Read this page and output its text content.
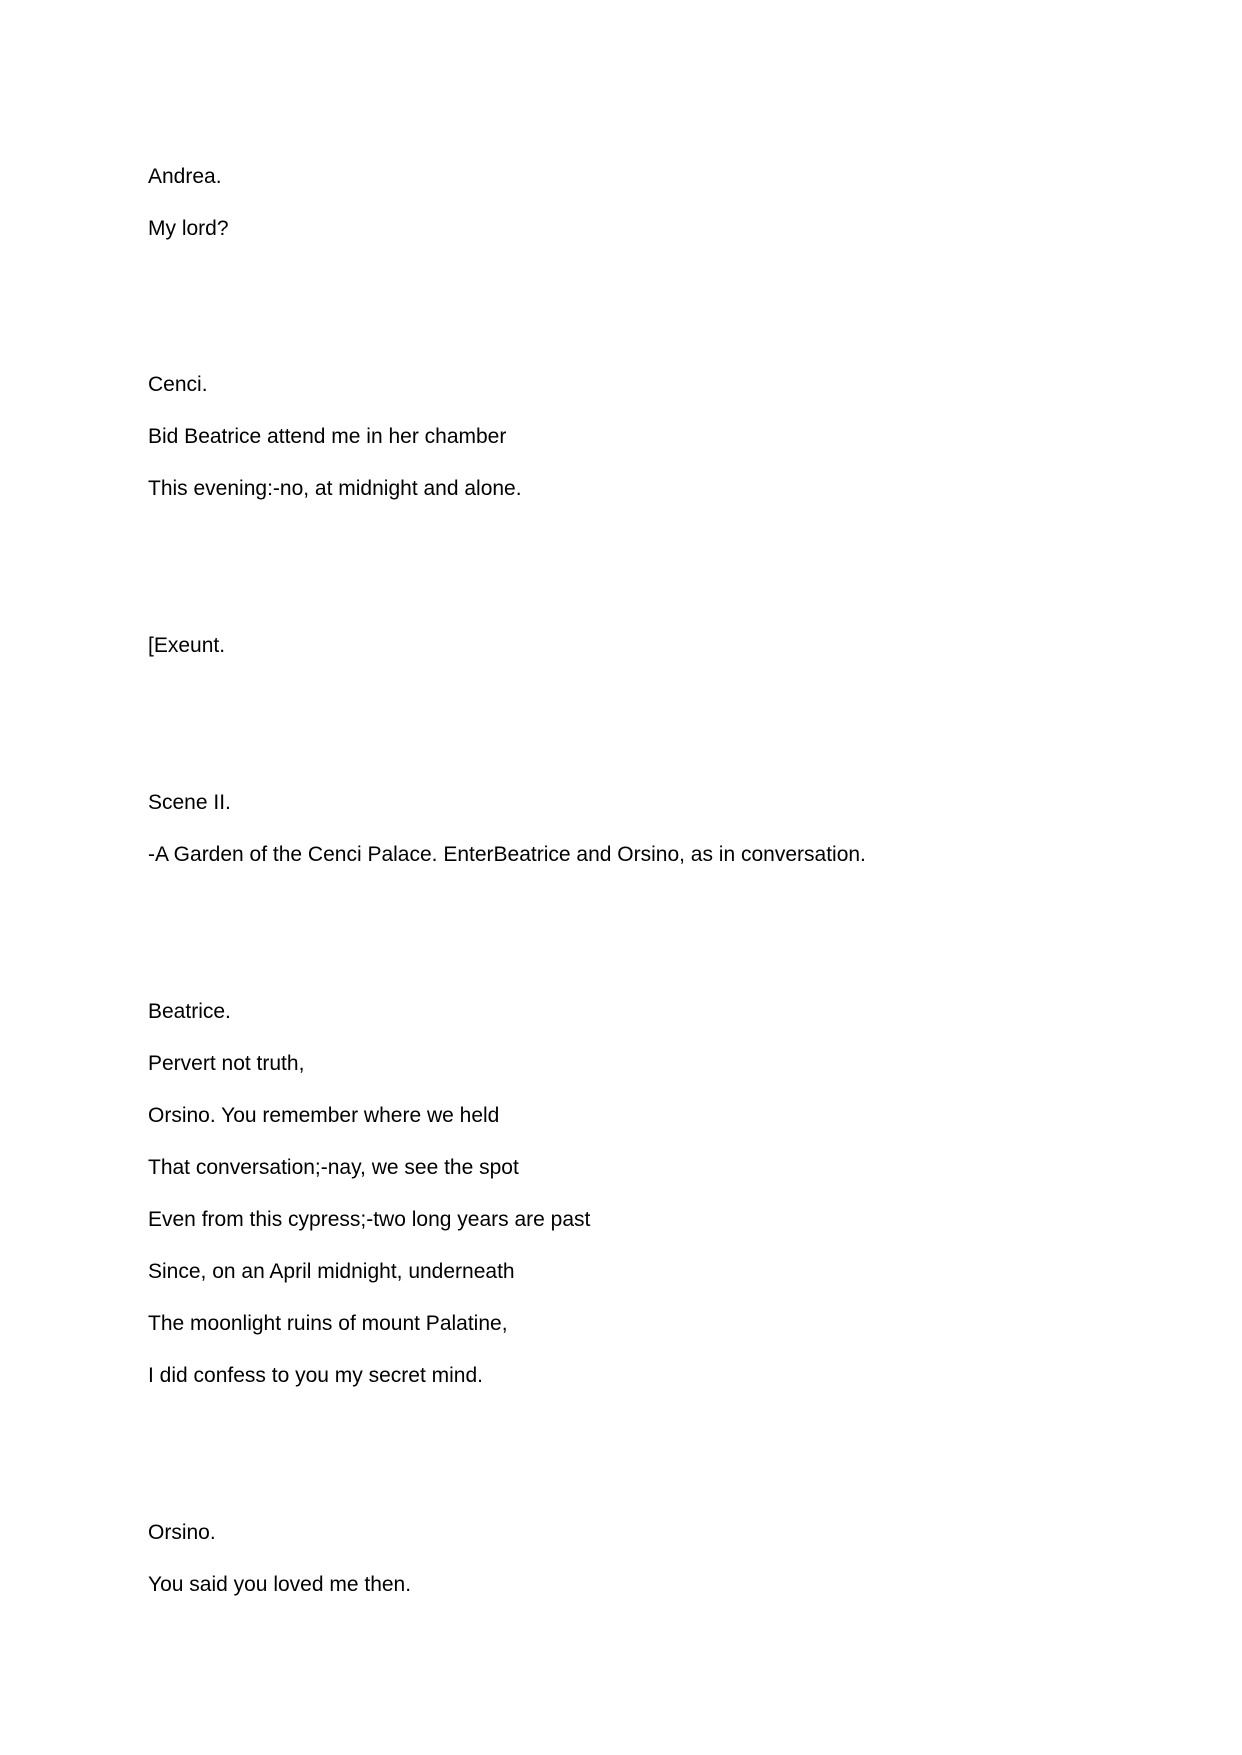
Andrea.
My lord?
Cenci.
Bid Beatrice attend me in her chamber
This evening:-no, at midnight and alone.
[Exeunt.
Scene II.
-A Garden of the Cenci Palace. EnterBeatrice and Orsino, as in conversation.
Beatrice.
Pervert not truth,
Orsino. You remember where we held
That conversation;-nay, we see the spot
Even from this cypress;-two long years are past
Since, on an April midnight, underneath
The moonlight ruins of mount Palatine,
I did confess to you my secret mind.
Orsino.
You said you loved me then.
